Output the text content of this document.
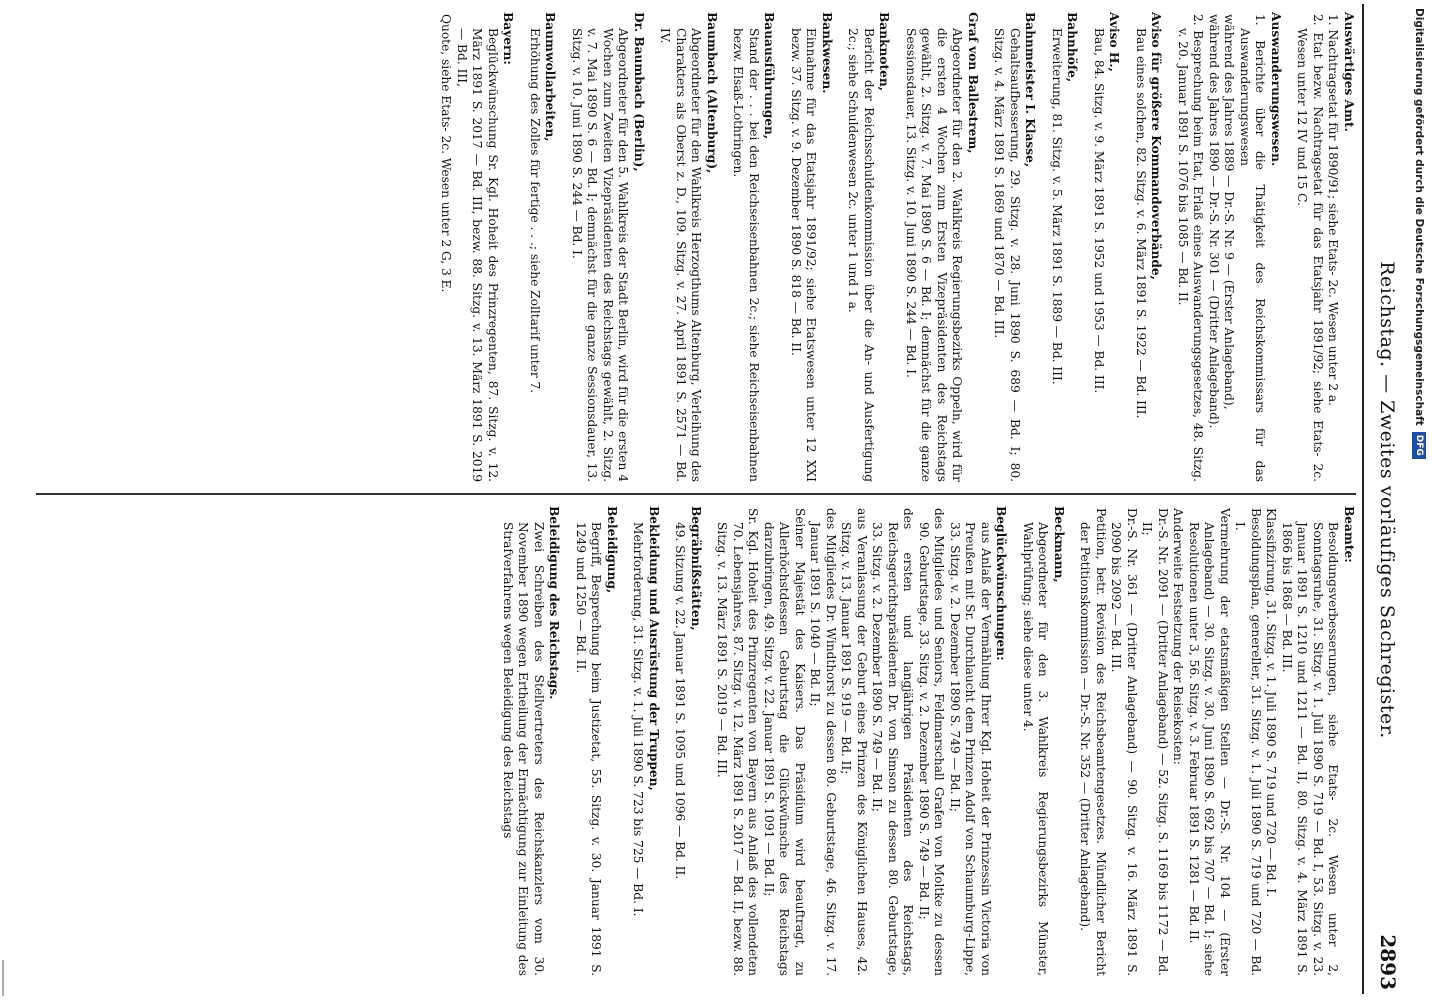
Reichstag. — Zweites vorläufiges Sachregister.
2893
Auswärtiges Amt.
1. Nachtragsetat für 1890/91; siehe Etats- 2c. Wesen unter 2 a.
2. Etat bezw. Nachtragsetat für das Etatsjahr 1891/92; siehe Etats- 2c. Wesen unter 12 IV und 15 C.
Auswanderungswesen.
1. Berichte über die Thätigkeit des Reichskommissars für das Auswanderungswesen
während des Jahres 1889 — Dr.-S. Nr. 9 — (Erster Anlageband),
während des Jahres 1890 — Dr.-S. Nr. 301 — (Dritter Anlageband).
2. Besprechung beim Etat, Erlaß eines Auswanderungsgesetzes, 48. Sitzg. v. 20. Januar 1891 S. 1076 bis 1085 — Bd. II.
Aviso für größere Kommandoverbände,
Bau eines solchen, 82. Sitzg. v. 6. März 1891 S. 1922 — Bd. III.
Aviso H.,
Bau, 84. Sitzg. v. 9. März 1891 S. 1952 und 1953 — Bd. III.
Bahnhöfe,
Erweiterung, 81. Sitzg. v. 5. März 1891 S. 1889 — Bd. III.
Bahnmeister I. Klasse,
Gehaltsaufbesserung, 29. Sitzg. v. 28. Juni 1890 S. 689 — Bd. I; 80. Sitzg. v. 4. März 1891 S. 1869 und 1870 — Bd. III.
Graf von Ballestrem,
Abgeordneter für den 2. Wahlkreis Regierungsbezirks Oppeln, wird für die ersten 4 Wochen zum Ersten Vizepräsidenten des Reichstags gewählt, 2. Sitzg. v. 7. Mai 1890 S. 6 — Bd. I; demnächst für die ganze Sessionsdauer, 13. Sitzg. v. 10. Juni 1890 S. 244 — Bd. I.
Banknoten,
Bericht der Reichsschuldenkommission über die An- und Ausfertigung 2c.; siehe Schuldenwesen 2c. unter 1 und 1 a.
Bankwesen.
Einnahme für das Etatsjahr 1891/92; siehe Etatswesen unter 12 XXI bezw. 37. Sitzg. v. 9. Dezember 1890 S. 818 — Bd. II.
Bauausführungen,
Stand der . . . bei den Reichseisenbahnen 2c.; siehe Reichseisenbahnen bezw. Elsaß-Lothringen.
Baumbach (Altenburg),
Abgeordneter für den Wahlkreis Herzogthums Altenburg, Verleihung des Charakters als Oberst z. D., 109. Sitzg. v. 27. April 1891 S. 2571 — Bd. IV.
Dr. Baumbach (Berlin),
Abgeordneter für den 5. Wahlkreis der Stadt Berlin, wird für die ersten 4 Wochen zum Zweiten Vizepräsidenten des Reichstags gewählt, 2. Sitzg. v. 7. Mai 1890 S. 6 — Bd. I; demnächst für die ganze Sessionsdauer, 13. Sitzg. v. 10. Juni 1890 S. 244 — Bd. I.
Baumwollarbeiten,
Erhöhung des Zolles für fertige . . .; siehe Zolltarif unter 7.
Bayern:
Beglückwünschung Sr. Kgl. Hoheit des Prinzregenten, 87. Sitzg. v. 12. März 1891 S. 2017 — Bd. III, bezw. 88. Sitzg. v. 13. März 1891 S. 2019 — Bd. III,
Quote, siehe Etats- 2c. Wesen unter 2 G, 3 E.
Beamte:
Besoldungsverbesserungen, siehe Etats- 2c. Wesen unter 2, Sonntagsruhe, 31. Sitzg. v. 1. Juli 1890 S. 719 — Bd. I, 53. Sitzg. v. 23. Januar 1891 S. 1210 und 1211 — Bd. II, 80. Sitzg. v. 4. März 1891 S. 1866 bis 1868 — Bd. III.
Klassifizirung, 31. Sitzg. v. 1. Juli 1890 S. 719 und 720 — Bd. I.
Besoldungsplan, genereller, 31. Sitzg. v. 1. Juli 1890 S. 719 und 720 — Bd. I.
Vermehrung der etatsmäßigen Stellen — Dr.-S. Nr. 104 — (Erster Anlageband) — 30. Sitzg. v. 30. Juni 1890 S. 692 bis 707 — Bd. I; siehe Resolutionen unter 3, 56. Sitzg. v. 3. Februar 1891 S. 1281 — Bd. II.
Anderweite Festsetzung der Reisekosten:
Dr.-S. Nr. 2091 — (Dritter Anlageband) — 52. Sitzg. S. 1169 bis 1172 — Bd. II;
Dr.-S. Nr. 361 — (Dritter Anlageband) — 90. Sitzg. v. 16. März 1891 S. 2090 bis 2092 — Bd. III.
Petition, betr. Revision des Reichsbeamtengesetzes. Mündlicher Bericht der Petitionskommission — Dr.-S. Nr. 352 — (Dritter Anlageband).
Beckmann,
Abgeordneter für den 3. Wahlkreis Regierungsbezirks Münster, Wahlprüfung; siehe diese unter 4.
Beglückwünschungen:
aus Anlaß der Vermählung Ihrer Kgl. Hoheit der Prinzessin Victoria von Preußen mit Sr. Durchlaucht dem Prinzen Adolf von Schaumburg-Lippe, 33. Sitzg. v. 2. Dezember 1890 S. 749 — Bd. II;
des Mitgliedes und Seniors, Feldmarschall Grafen von Moltke zu dessen 90. Geburtstage, 33. Sitzg. v. 2. Dezember 1890 S. 749 — Bd. II;
des ersten und langjährigen Präsidenten des Reichstags, Reichsgerichtspräsidenten Dr. von Simson zu dessen 80. Geburtstage, 33. Sitzg. v. 2. Dezember 1890 S. 749 — Bd. II;
aus Veranlassung der Geburt eines Prinzen des Königlichen Hauses, 42. Sitzg. v. 13. Januar 1891 S. 919 — Bd. II;
des Mitgliedes Dr. Windthorst zu dessen 80. Geburtstage, 46. Sitzg. v. 17. Januar 1891 S. 1040 — Bd. II;
Seiner Majestät des Kaisers. Das Präsidium wird beauftragt, zu Allerhöchstdessen Geburtstag die Glückwünsche des Reichstags darzubringen, 49. Sitzg. v. 22. Januar 1891 S. 1091 — Bd. II;
Sr. Kgl. Hoheit des Prinzregenten von Bayern aus Anlaß des vollendeten 70. Lebensjahres, 87. Sitzg. v. 12. März 1891 S. 2017 — Bd. II, bezw. 88. Sitzg. v. 13. März 1891 S. 2019 — Bd. III.
Begräbnißstätten,
49. Sitzung v. 22. Januar 1891 S. 1095 und 1096 — Bd. II.
Bekleidung und Ausrüstung der Truppen,
Mehrforderung, 31. Sitzg. v. 1. Juli 1890 S. 723 bis 725 — Bd. I.
Beleidigung,
Begriff, Besprechung beim Justizetat, 55. Sitzg. v. 30. Januar 1891 S. 1249 und 1250 — Bd. II.
Beleidigung des Reichstags.
Zwei Schreiben des Stellvertreters des Reichskanzlers vom 30. November 1890 wegen Ertheilung der Ermächtigung zur Einleitung des Strafverfahrens wegen Beleidigung des Reichstags
Digitalisierung gefördert durch die Deutsche ForschungsgemeinschaftDFG
